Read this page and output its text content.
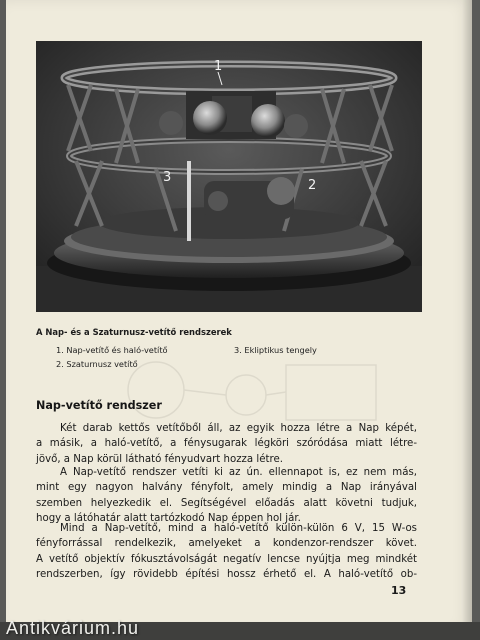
1
2
3
A Nap- és a Szaturnusz-vetítő rendszerek
1. Nap-vetítő és haló-vetítő
2. Szaturnusz vetítő
3. Ekliptikus tengely
Nap-vetítő rendszer
Két darab kettős vetítőből áll, az egyik hozza létre a Nap képét,
a másik, a haló-vetítő, a fénysugarak légköri szóródása miatt létre-
jövő, a Nap körül látható fényudvart hozza létre.
A Nap-vetítő rendszer vetíti ki az ún. ellennapot is, ez nem más,
mint egy nagyon halvány fényfolt, amely mindig a Nap irányával
szemben helyezkedik el. Segítségével előadás alatt követni tudjuk,
hogy a látóhatár alatt tartózkodó Nap éppen hol jár.
Mind a Nap-vetítő, mind a haló-vetítő külön-külön 6 V, 15 W-os
fényforrással rendelkezik, amelyeket a kondenzor-rendszer követ.
A vetítő objektív fókusztávolságát negatív lencse nyújtja meg mindkét
rendszerben, így rövidebb építési hossz érhető el. A haló-vetítő ob-
13
Antikvárium.hu
